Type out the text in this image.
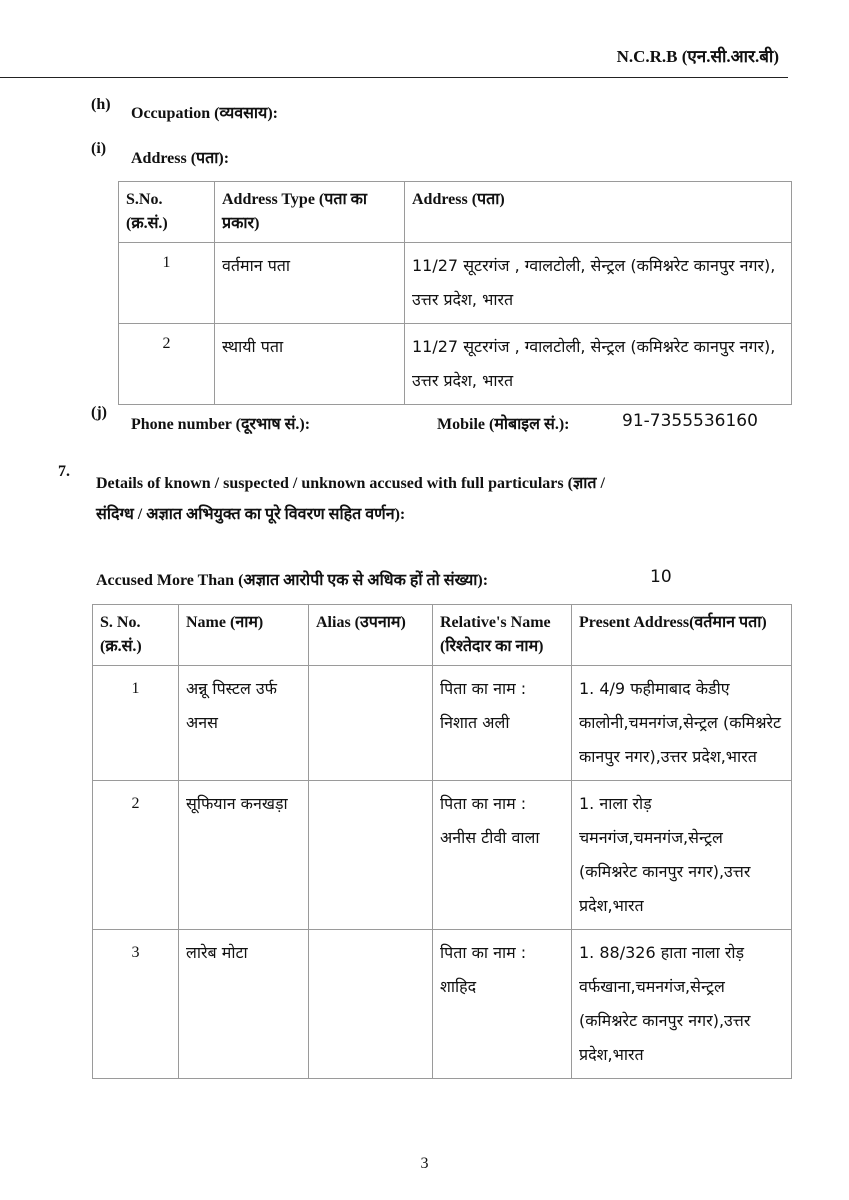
N.C.R.B (एन.सी.आर.बी)
(h)
Occupation (व्यवसाय):
(i)
Address (पता):
S.No. (क्र.सं.)	Address Type (पता का प्रकार)	Address (पता)
1	वर्तमान पता	11/27 सूटरगंज , ग्वालटोली, सेन्ट्रल (कमिश्नरेट कानपुर नगर), उत्तर प्रदेश, भारत
2	स्थायी पता	11/27 सूटरगंज , ग्वालटोली, सेन्ट्रल (कमिश्नरेट कानपुर नगर), उत्तर प्रदेश, भारत
(j)
Phone number (दूरभाष सं.):	Mobile (मोबाइल सं.):	91-7355536160
7.
Details of known / suspected / unknown accused with full particulars (ज्ञात /
संदिग्ध / अज्ञात अभियुक्त का पूरे विवरण सहित वर्णन):
Accused More Than (अज्ञात आरोपी एक से अधिक हों तो संख्या):	10
S. No. (क्र.सं.)	Name (नाम)	Alias (उपनाम)	Relative's Name (रिश्तेदार का नाम)	Present Address(वर्तमान पता)
1	अन्नू पिस्टल उर्फ अनस		पिता का नाम : निशात अली	1. 4/9 फहीमाबाद केडीए कालोनी,चमनगंज,सेन्ट्रल (कमिश्नरेट कानपुर नगर),उत्तर प्रदेश,भारत
2	सूफियान कनखड़ा		पिता का नाम : अनीस टीवी वाला	1. नाला रोड़ चमनगंज,चमनगंज,सेन्ट्रल (कमिश्नरेट कानपुर नगर),उत्तर प्रदेश,भारत
3	लारेब मोटा		पिता का नाम : शाहिद	1. 88/326 हाता नाला रोड़ वर्फखाना,चमनगंज,सेन्ट्रल (कमिश्नरेट कानपुर नगर),उत्तर प्रदेश,भारत
3
